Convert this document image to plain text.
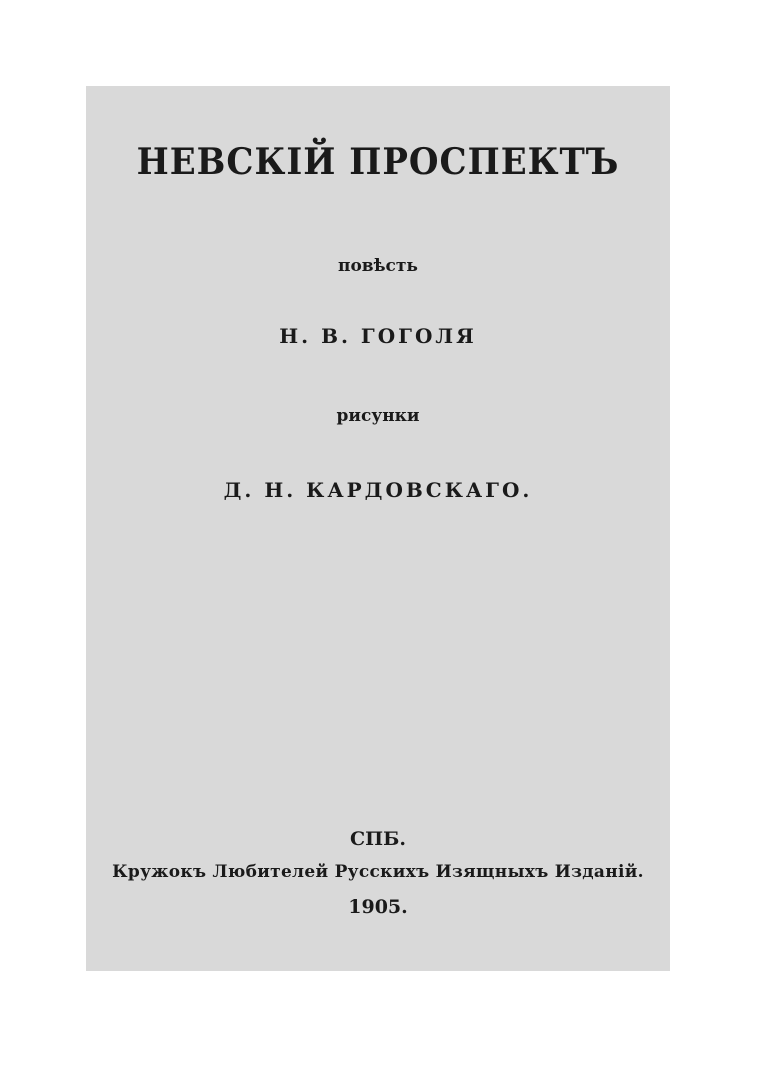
НЕВСКІЙ ПРОСПЕКТЪ
повѣсть
Н. В. ГОГОЛЯ
рисунки
Д. Н. КАРДОВСКАГО.
СПБ.
Кружокъ Любителей Русскихъ Изящныхъ Изданій.
1905.
